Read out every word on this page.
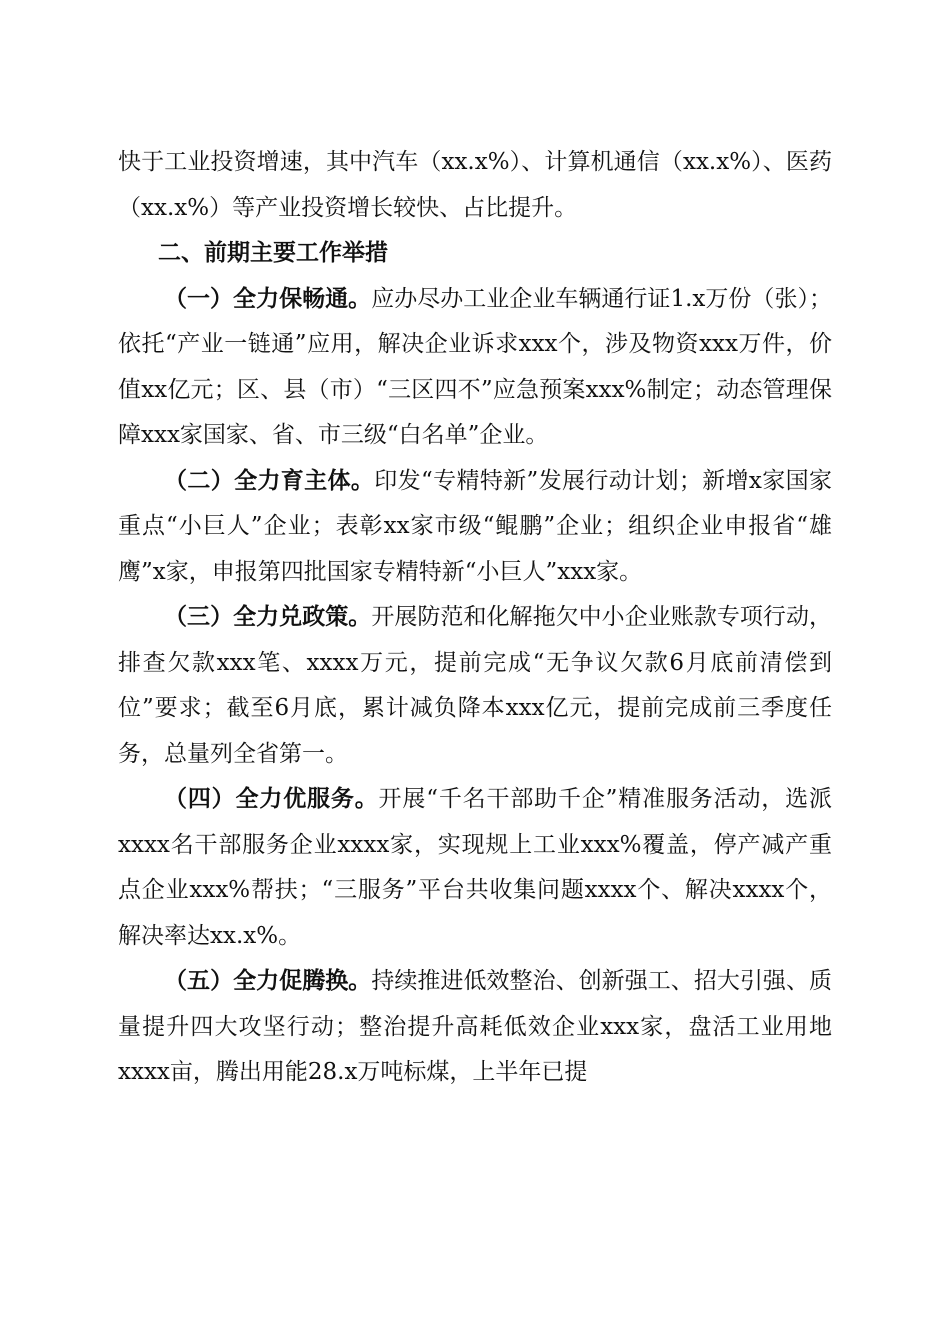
快于工业投资增速，其中汽车（xx.x%）、计算机通信（xx.x%）、医药（xx.x%）等产业投资增长较快、占比提升。

二、前期主要工作举措

（一）全力保畅通。应办尽办工业企业车辆通行证1.x万份（张）；依托“产业一链通”应用，解决企业诉求xxx个，涉及物资xxx万件，价值xx亿元；区、县（市）“三区四不”应急预案xxx%制定；动态管理保障xxx家国家、省、市三级“白名单”企业。

（二）全力育主体。印发“专精特新”发展行动计划；新增x家国家重点“小巨人”企业；表彰xx家市级“鲲鹏”企业；组织企业申报省“雄鹰”x家，申报第四批国家专精特新“小巨人”xxx家。

（三）全力兑政策。开展防范和化解拖欠中小企业账款专项行动，排查欠款xxx笔、xxxx万元，提前完成“无争议欠款6月底前清偿到位”要求；截至6月底，累计减负降本xxx亿元，提前完成前三季度任务，总量列全省第一。

（四）全力优服务。开展“千名干部助千企”精准服务活动，选派xxxx名干部服务企业xxxx家，实现规上工业xxx%覆盖，停产减产重点企业xxx%帮扶；“三服务”平台共收集问题xxxx个、解决xxxx个，解决率达xx.x%。

（五）全力促腾换。持续推进低效整治、创新强工、招大引强、质量提升四大攻坚行动；整治提升高耗低效企业xxx家，盘活工业用地xxxx亩，腾出用能28.x万吨标煤，上半年已提
